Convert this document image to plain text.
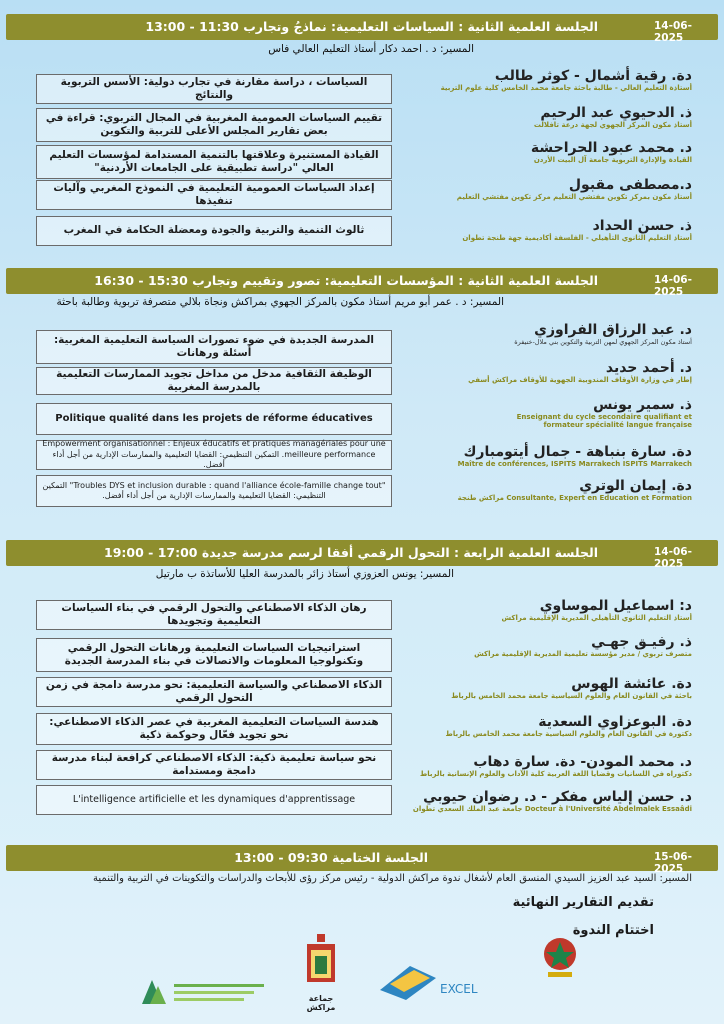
14-06-2025
الجلسة العلمية الثانية : السياسات التعليمية: نماذجُ وتجارب 11:30 - 13:00
المسير: د . احمد دكار أستاذ التعليم العالي فاس
السياسات ، دراسة مقارنة في تجارب دولية: الأسس التربوية والنتائج
تقييم السياسات العمومية المغربية في المجال التربوي: قراءة في بعض تقارير المجلس الأعلى للتربية والتكوين
القيادة المستنيرة وعلاقتها بالتنمية المستدامة لمؤسسات التعليم العالي "دراسة تطبيقية على الجامعات الأردنية"
إعداد السياسات العمومية التعليمية في النموذج المغربي وآليات تنفيذها
ثالوث التنمية والتربية والجودة ومعضلة الحكامة في المغرب
دة. رقية أشمال - كوثر طالب
أستاذة التعليم العالي - طالبة باحثة جامعة محمد الخامس كلية علوم التربية
ذ. الدحيوي عبد الرحيم
أستاذ مكون المركز الجهوي لجهة درعة تافلالت
د. محمد عبود الحراحشة
القيادة والإدارة التربوية جامعة آل البيت الأردن
د.مصطفى مقبول
أستاذ مكون بمركز تكوين مفتشي التعليم مركز تكوين مفتشي التعليم
ذ. حسن الحداد
أستاذ التعليم الثانوي التأهيلي - الفلسفة أكاديمية جهة طنجة تطوان
14-06-2025
الجلسة العلمية الثانية : المؤسسات التعليمية: تصور وتقييم وتجارب 15:30 - 16:30
المسير: د . عمر أبو مريم أستاذ مكون بالمركز الجهوي بمراكش ونجاة بلالي متصرفة تربوية وطالبة باحثة
المدرسة الجديدة في ضوء تصورات السياسة التعليمية المغربية: أسئلة ورهانات
الوظيفة الثقافية مدخل من مداخل تجويد الممارسات التعليمية بالمدرسة المغربية
Politique qualité dans les projets de réforme éducatives
Empowerment organisationnel : Enjeux éducatifs et pratiques managériales pour une meilleure performance. التمكين التنظيمي: القضايا التعليمية والممارسات الإدارية من أجل أداء أفضل.
"Troubles DYS et inclusion durable : quand l'alliance école-famille change tout" التمكين التنظيمي: القضايا التعليمية والممارسات الإدارية من أجل أداء أفضل.
د. عبد الرزاق الفراوزي
أستاذ مكون المركز الجهوي لمهن التربية والتكوين بني ملال-خنيفرة
د. أحمد حديد
إطار في وزارة الأوقاف المندوبية الجهوية للأوقاف مراكش أسفي
ذ. سمير يونس
Enseignant du cycle secondaire qualifiant et formateur spécialité langue française
دة. سارة بنباهة - جمال أيتومبارك
Maître de conférences, ISPITS Marrakech ISPITS Marrakech
دة. إيمان الوتري
Consultante, Expert en Education et Formation مراكش طنجة
14-06-2025
الجلسة العلمية الرابعة : التحول الرقمي أفقا لرسم مدرسة جديدة 17:00 - 19:00
المسير: يونس العزوزي أستاذ زائر بالمدرسة العليا للأساتذة ب مارتيل
رهان الذكاء الاصطناعي والتحول الرقمي في بناء السياسات التعليمية وتجويدها
استراتيجيات السياسات التعليمية ورهانات التحول الرقمي وتكنولوجيا المعلومات والاتصالات في بناء المدرسة الجديدة
الذكاء الاصطناعي والسياسة التعليمية: نحو مدرسة دامجة في زمن التحول الرقمي
هندسة السياسات التعليمية المغربية في عصر الذكاء الاصطناعي: نحو تجويد فعّال وحوكمة ذكية
نحو سياسة تعليمية ذكية: الذكاء الاصطناعي كرافعة لبناء مدرسة دامجة ومستدامة
L'intelligence artificielle et les dynamiques d'apprentissage
د: اسماعيل الموساوي
أستاذ التعليم الثانوي التأهيلي المديرية الإقليمية مراكش
ذ. رفيـق جهـي
متصرف تربوي / مدير مؤسسة تعليمية المديرية الإقليمية مراكش
دة. عائشة الهوس
باحثة في القانون العام والعلوم السياسية جامعة محمد الخامس بالرباط
دة. البوعزاوي السعدية
دكتورة في القانون العام والعلوم السياسية جامعة محمد الخامس بالرباط
د. محمد المودن- دة. سارة دهاب
دكتوراه في اللسانيات وقضايا اللغة العربية كلية الآداب والعلوم الإنسانية بالرباط
د. حسن إلياس مفكر - د. رضوان حيوبي
Docteur à l'Université Abdelmalek Essaâdi جامعة عبد الملك السعدي تطوان
15-06-2025
الجلسة الختامية 09:30 - 13:00
المسير: السيد عبد العزيز السيدي المنسق العام لأشغال ندوة مراكش الدولية - رئيس مركز رؤى للأبحاث والدراسات والتكوينات في التربية والتنمية
تقديم التقارير النهائية
اختتام الندوة
جماعة مراكش
EXCEL
